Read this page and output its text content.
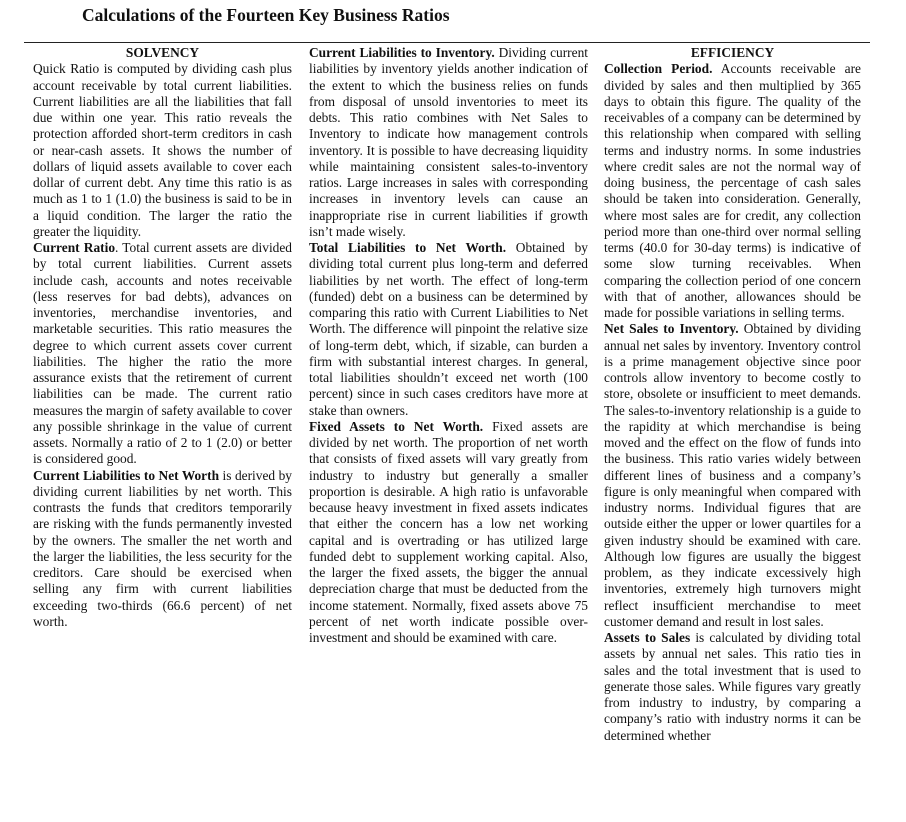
Calculations of the Fourteen Key Business Ratios

SOLVENCY

Quick Ratio is computed by dividing cash plus account receivable by total current liabilities. Current liabilities are all the liabilities that fall due within one year. This ratio reveals the protection afforded short-term creditors in cash or near-cash assets. It shows the number of dollars of liquid assets available to cover each dollar of current debt. Any time this ratio is as much as 1 to 1 (1.0) the business is said to be in a liquid condition. The larger the ratio the greater the liquidity.

Current Ratio. Total current assets are divided by total current liabilities. Current assets include cash, accounts and notes receivable (less reserves for bad debts), advances on inventories, merchandise inventories, and marketable securities. This ratio measures the degree to which current assets cover current liabilities. The higher the ratio the more assurance exists that the retirement of current liabilities can be made. The current ratio measures the margin of safety available to cover any possible shrinkage in the value of current assets. Normally a ratio of 2 to 1 (2.0) or better is considered good.

Current Liabilities to Net Worth is derived by dividing current liabilities by net worth. This contrasts the funds that creditors temporarily are risking with the funds permanently invested by the owners. The smaller the net worth and the larger the liabilities, the less security for the creditors. Care should be exercised when selling any firm with current liabilities exceeding two-thirds (66.6 percent) of net worth.

Current Liabilities to Inventory. Dividing current liabilities by inventory yields another indication of the extent to which the business relies on funds from disposal of unsold inventories to meet its debts. This ratio combines with Net Sales to Inventory to indicate how management controls inventory. It is possible to have decreasing liquidity while maintaining consistent sales-to-inventory ratios. Large increases in sales with corresponding increases in inventory levels can cause an inappropriate rise in current liabilities if growth isn’t made wisely.

Total Liabilities to Net Worth. Obtained by dividing total current plus long-term and deferred liabilities by net worth. The effect of long-term (funded) debt on a business can be determined by comparing this ratio with Current Liabilities to Net Worth. The difference will pinpoint the relative size of long-term debt, which, if sizable, can burden a firm with substantial interest charges. In general, total liabilities shouldn’t exceed net worth (100 percent) since in such cases creditors have more at stake than owners.

Fixed Assets to Net Worth. Fixed assets are divided by net worth. The proportion of net worth that consists of fixed assets will vary greatly from industry to industry but generally a smaller proportion is desirable. A high ratio is unfavorable because heavy investment in fixed assets indicates that either the concern has a low net working capital and is overtrading or has utilized large funded debt to supplement working capital. Also, the larger the fixed assets, the bigger the annual depreciation charge that must be deducted from the income statement. Normally, fixed assets above 75 percent of net worth indicate possible over-investment and should be examined with care.

EFFICIENCY

Collection Period. Accounts receivable are divided by sales and then multiplied by 365 days to obtain this figure. The quality of the receivables of a company can be determined by this relationship when compared with selling terms and industry norms. In some industries where credit sales are not the normal way of doing business, the percentage of cash sales should be taken into consideration. Generally, where most sales are for credit, any collection period more than one-third over normal selling terms (40.0 for 30-day terms) is indicative of some slow turning receivables. When comparing the collection period of one concern with that of another, allowances should be made for possible variations in selling terms.

Net Sales to Inventory. Obtained by dividing annual net sales by inventory. Inventory control is a prime management objective since poor controls allow inventory to become costly to store, obsolete or insufficient to meet demands. The sales-to-inventory relationship is a guide to the rapidity at which merchandise is being moved and the effect on the flow of funds into the business. This ratio varies widely between different lines of business and a company’s figure is only meaningful when compared with industry norms. Individual figures that are outside either the upper or lower quartiles for a given industry should be examined with care. Although low figures are usually the biggest problem, as they indicate excessively high inventories, extremely high turnovers might reflect insufficient merchandise to meet customer demand and result in lost sales.

Assets to Sales is calculated by dividing total assets by annual net sales. This ratio ties in sales and the total investment that is used to generate those sales. While figures vary greatly from industry to industry, by comparing a company’s ratio with industry norms it can be determined whether
